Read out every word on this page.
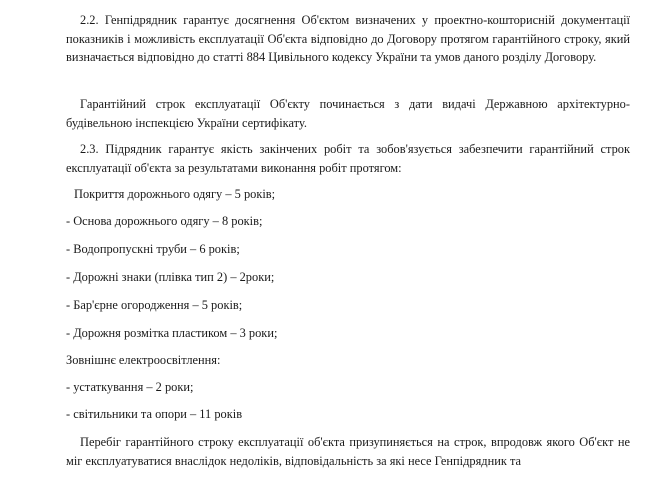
2.2. Генпідрядник гарантує досягнення Об'єктом визначених у проектно-кошторисній документації показників і можливість експлуатації Об'єкта відповідно до Договору протягом гарантійного строку, який визначається відповідно до статті 884 Цивільного кодексу України та умов даного розділу Договору.

Гарантійний строк експлуатації Об'єкту починається з дати видачі Державною архітектурно-будівельною інспекцією України сертифікату.

2.3. Підрядник гарантує якість закінчених робіт та зобов'язується забезпечити гарантійний строк експлуатації об'єкта за результатами виконання робіт протягом:

Покриття дорожнього одягу – 5 років;

- Основа дорожнього одягу – 8 років;

- Водопропускні труби – 6 років;

- Дорожні знаки (плівка тип 2) – 2роки;

- Бар'єрне огородження – 5 років;

- Дорожня розмітка пластиком – 3 роки;

Зовнішнє електроосвітлення:

- устаткування – 2 роки;

- світильники та опори – 11 років

Перебіг гарантійного строку експлуатації об'єкта призупиняється на строк, впродовж якого Об'єкт не міг експлуатуватися внаслідок недоліків, відповідальність за які несе Генпідрядник та
